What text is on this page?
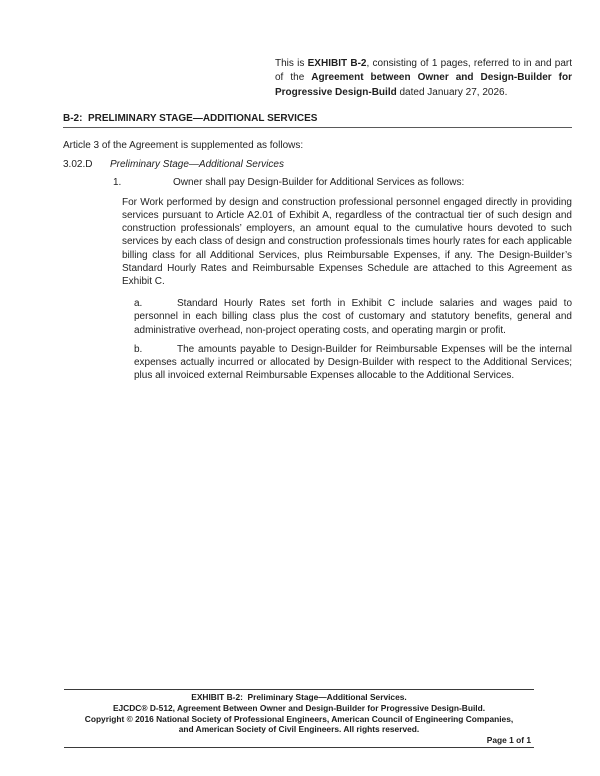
This is EXHIBIT B-2, consisting of 1 pages, referred to in and part of the Agreement between Owner and Design-Builder for Progressive Design-Build dated January 27, 2026.

B-2:  PRELIMINARY STAGE—ADDITIONAL SERVICES

Article 3 of the Agreement is supplemented as follows:

3.02.D Preliminary Stage—Additional Services

1.	Owner shall pay Design-Builder for Additional Services as follows:

For Work performed by design and construction professional personnel engaged directly in providing services pursuant to Article A2.01 of Exhibit A, regardless of the contractual tier of such design and construction professionals’ employers, an amount equal to the cumulative hours devoted to such services by each class of design and construction professionals times hourly rates for each applicable billing class for all Additional Services, plus Reimbursable Expenses, if any. The Design-Builder’s Standard Hourly Rates and Reimbursable Expenses Schedule are attached to this Agreement as Exhibit C.

a.	Standard Hourly Rates set forth in Exhibit C include salaries and wages paid to personnel in each billing class plus the cost of customary and statutory benefits, general and administrative overhead, non-project operating costs, and operating margin or profit.

b.	The amounts payable to Design-Builder for Reimbursable Expenses will be the internal expenses actually incurred or allocated by Design-Builder with respect to the Additional Services; plus all invoiced external Reimbursable Expenses allocable to the Additional Services.

EXHIBIT B-2:  Preliminary Stage—Additional Services.
EJCDC® D-512, Agreement Between Owner and Design-Builder for Progressive Design-Build.
Copyright © 2016 National Society of Professional Engineers, American Council of Engineering Companies,
and American Society of Civil Engineers. All rights reserved.
Page 1 of 1
